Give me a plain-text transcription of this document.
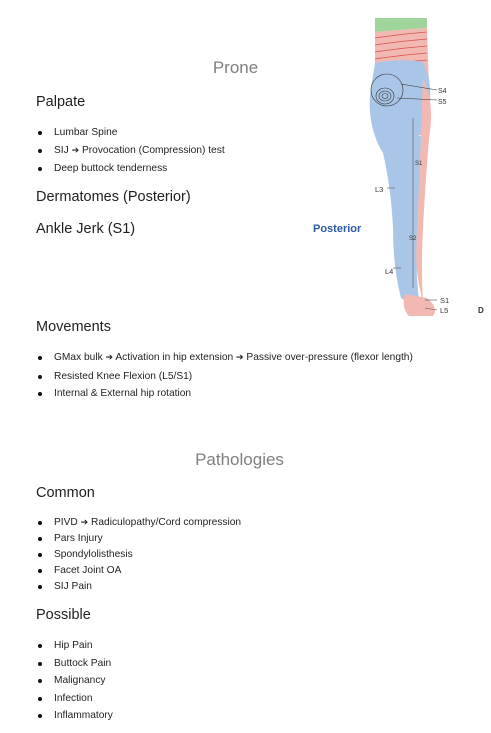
Prone
Palpate
Lumbar Spine
SIJ ➔ Provocation (Compression) test
Deep buttock tenderness
Dermatomes (Posterior)
Ankle Jerk (S1)
S4
S5
S1
L3
S2
Posterior
L4
S1
L5	D
Movements
GMax bulk ➔ Activation in hip extension ➔ Passive over-pressure (flexor length)
Resisted Knee Flexion (L5/S1)
Internal & External hip rotation
Pathologies
Common
PIVD ➔ Radiculopathy/Cord compression
Pars Injury
Spondylolisthesis
Facet Joint OA
SIJ Pain
Possible
Hip Pain
Buttock Pain
Malignancy
Infection
Inflammatory
